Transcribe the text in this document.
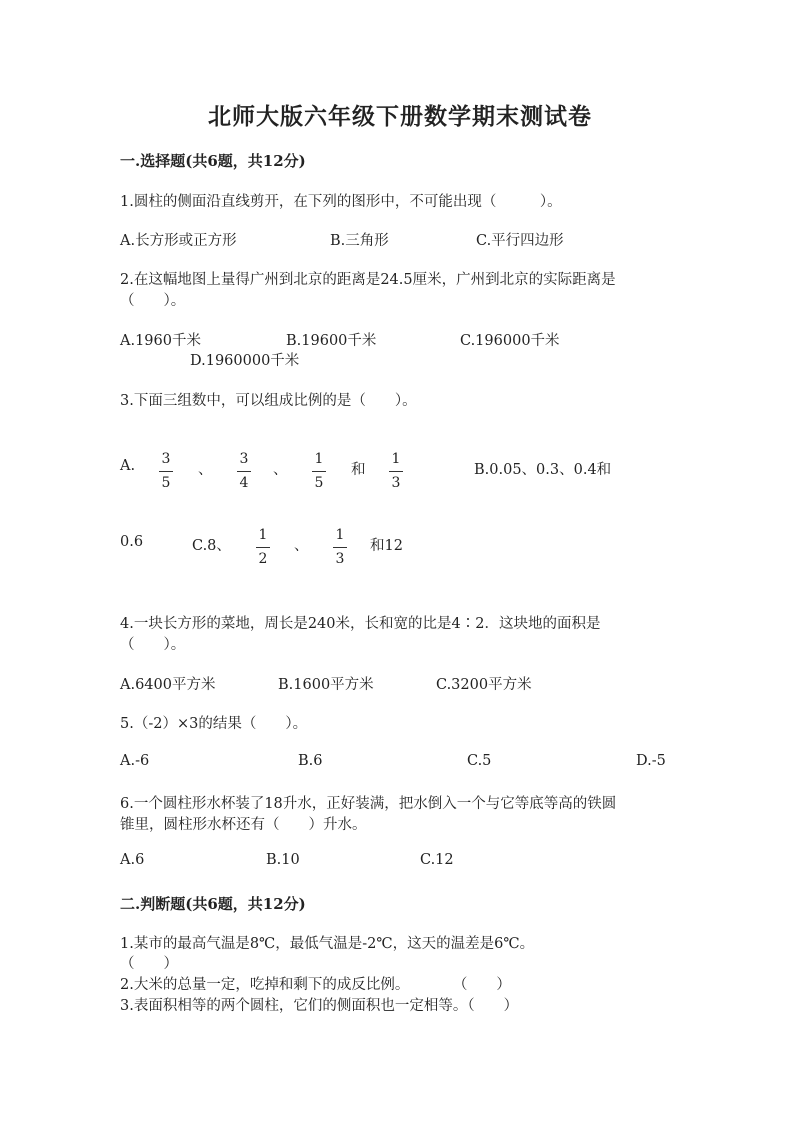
北师大版六年级下册数学期末测试卷
一.选择题(共6题，共12分)
1.圆柱的侧面沿直线剪开，在下列的图形中，不可能出现（　　　）。
A.长方形或正方形	B.三角形	C.平行四边形
2.在这幅地图上量得广州到北京的距离是24.5厘米，广州到北京的实际距离是
（　　）。
A.1960千米	B.19600千米	C.196000千米
D.1960000千米
3.下面三组数中，可以组成比例的是（　　）。
A. 3
5
、
3
4
、
1
5
和
1
3
B.0.05、0.3、0.4和
0.6	C.8、
1
2
、
1
3
和12
4.一块长方形的菜地，周长是240米，长和宽的比是4∶2．这块地的面积是
（　　）。
A.6400平方米	B.1600平方米	C.3200平方米
5.（-2）×3的结果（　　）。
A.-6	B.6	C.5	D.-5
6.一个圆柱形水杯装了18升水，正好装满，把水倒入一个与它等底等高的铁圆
锥里，圆柱形水杯还有（　　）升水。
A.6	B.10	C.12
二.判断题(共6题，共12分)
1.某市的最高气温是8℃，最低气温是-2℃，这天的温差是6℃。
（　　）
2.大米的总量一定，吃掉和剩下的成反比例。　　　　（　　）
3.表面积相等的两个圆柱，它们的侧面积也一定相等。（　　）
